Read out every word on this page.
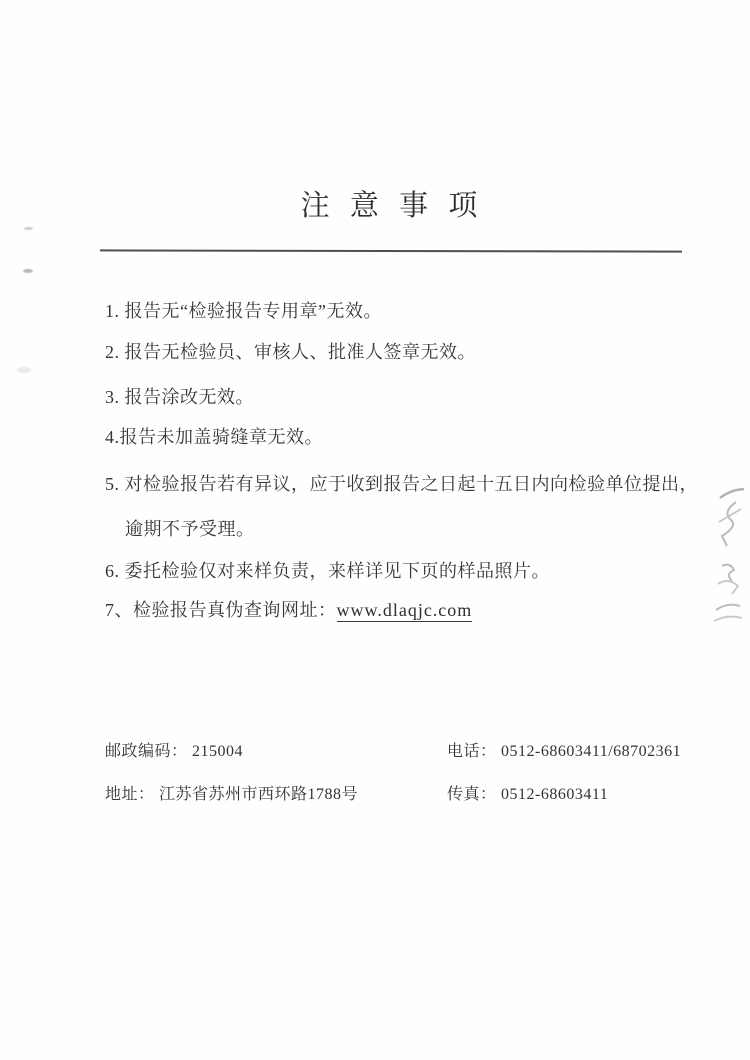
注 意 事 项

1. 报告无“检验报告专用章”无效。

2. 报告无检验员、审核人、批准人签章无效。

3. 报告涂改无效。

4.报告未加盖骑缝章无效。

5. 对检验报告若有异议，应于收到报告之日起十五日内向检验单位提出，逾期不予受理。

6. 委托检验仅对来样负责，来样详见下页的样品照片。

7、检验报告真伪查询网址：www.dlaqjc.com

邮政编码： 215004	电话： 0512-68603411/68702361

地址： 江苏省苏州市西环路1788号	传真： 0512-68603411
